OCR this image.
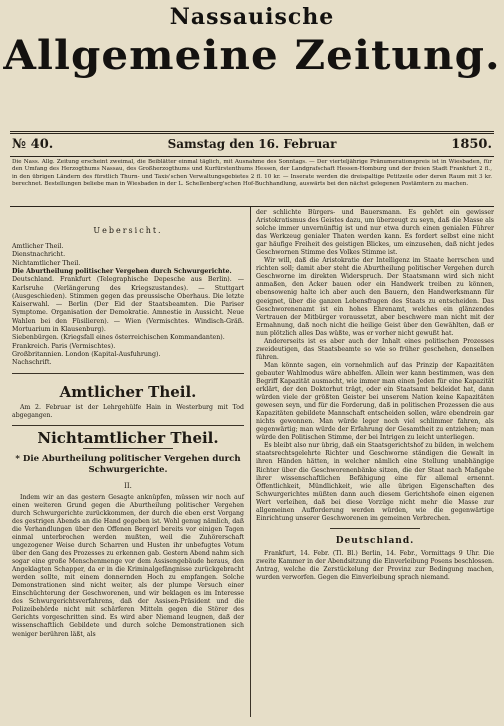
Nassauische
Allgemeine Zeitung.
Samstag den 16. Februar
№ 40.	1850.
Die Nass. Allg. Zeitung erscheint zweimal, die Beiblätter einmal täglich, mit Ausnahme des Sonntags. — Der vierteljährige Pränumerationspreis ist in Wiesbaden, für den Umfang des Herzogthums Nassau, des Großherzogthums und Kurfürstenthums Hessen, der Landgrafschaft Hessen-Homburg und der freien Stadt Frankfurt 2 fl., in den übrigen Ländern des fürstlich Thurn- und Taxis'schen Verwaltungsgebietes 2 fl. 10 kr. — Inserate werden die dreispaltige Petitzeile oder deren Raum mit 3 kr. berechnet. Bestellungen beliebe man in Wiesbaden in der L. Schellenberg'schen Hof-Buchhandlung, auswärts bei den nächst gelegenen Postämtern zu machen.
Uebersicht.

Amtlicher Theil.

Dienstnachricht.

Nichtamtlicher Theil.

Die Aburtheilung politischer Vergehen durch Schwurgerichte.

Deutschland. Frankfurt (Telegraphische Depesche aus Berlin). — Karlsruhe (Verlängerung des Kriegszustandes). — Stuttgart (Ausgeschieden). Stimmen gegen das preussische Oberhaus. Die letzte Kaiserwahl. — Berlin (Der Eid der Staatsbeamten. Die Pariser Symptome. Organisation der Demokratie. Amnestie in Aussicht. Neue Wahlen bei den Füsilieren). — Wien (Vermischtes. Windisch-Gräß. Mortuarium in Klausenburg).

Siebenbürgen. (Kriegsfall eines österreichischen Kommandanten).

Frankreich. Paris (Vermischtes).

Großbritannien. London (Kapital-Ausfuhrung).

Nachschrift.

Amtlicher Theil.

Am 2. Februar ist der Lehrgehülfe Hain in Westerburg mit Tod abgegangen.

Nichtamtlicher Theil.
* Die Aburtheilung politischer Vergehen durch Schwurgerichte.
II.

Indem wir an das gestern Gesagte anknüpfen, müssen wir noch auf einen weiteren Grund gegen die Aburtheilung politischer Vergehen durch Schwurgerichte zurückkommen, der durch die eben erst Vorgang des gestrigen Abends an die Hand gegeben ist. Wohl genug nämlich, daß die Verhandlungen über den Offenen Bergerl bereits vor einigen Tagen einmal unterbrochen werden mußten, weil die Zuhörerschaft ungezogener Weise durch Scharren und Husten ihr unbefugtes Votum über den Gang des Prozesses zu erkennen gab. Gestern Abend nahm sich sogar eine große Menschenmenge vor dem Assisengebäude heraus, den Angeklagten Schapper, da er in die Kriminalgefängnisse zurückgebracht werden sollte, mit einem donnernden Hoch zu empfangen. Solche Demonstrationen sind nicht weiter, als der plumpe Versuch einer Einschüchterung der Geschworenen, und wir beklagen es im Interesse des Schwurgerichtsverfahrens, daß der Assisen-Präsident und die Polizeibehörde nicht mit schärferen Mitteln gegen die Störer des Gerichts vorgeschritten sind. Es wird aber Niemand leugnen, daß der wissenschaftlich Gebildete und durch solche Demonstrationen sich weniger berühren läßt, als

der schlichte Bürgers- und Bauersmann. Es gehört ein gewisser Aristokratismus des Geistes dazu, um überzeugt zu seyn, daß die Masse als solche immer unvernünftig ist und nur etwa durch einen genialen Führer das Werkzeug genialer Thaten werden kann. Es fordert selbst eine nicht gar häufige Freiheit des geistigen Blickes, um einzusehen, daß nicht jedes Geschwornen Stimme des Volkes Stimme ist.

Wir will, daß die Aristokratie der Intelligenz im Staate herrschen und richten soll; damit aber steht die Aburtheilung politischer Vergehen durch Geschworne im direkten Widerspruch. Der Staatsmann wird sich nicht anmaßen, den Acker bauen oder ein Handwerk treiben zu können, ebensowenig halte ich aber auch den Bauern, den Handwerksmann für geeignet, über die ganzen Lebensfragen des Staats zu entscheiden. Das Geschworenenamt ist ein hohes Ehrenamt, welches ein glänzendes Vertrauen der Mitbürger voraussetzt, aber beschwere man nicht mit der Ermahnung, daß noch nicht die heilige Geist über den Gewählten, daß er nun plötzlich alles Das wüßte, was er vorher nicht gewußt hat.

Andererseits ist es aber auch der Inhalt eines politischen Prozesses zweideutigen, das Staatsbeamte so wie so früher geschehen, denselben führen.

Man könnte sagen, ein vornehmlich auf das Prinzip der Kapazitäten gebauter Wahlmodus wäre abhelfen. Allein wer kann bestimmen, was den Begriff Kapazität ausmacht, wie immer man einen Jeden für eine Kapazität erklärt, der den Doktorhut trägt, oder ein Staatsamt bekleidet hat, dann würden viele der größten Geister bei unserem Nation keine Kapazitäten gewesen seyn, und für die Forderung, daß in politischen Prozessen die aus Kapazitäten gebildete Mannschaft entscheiden sollen, wäre ebendrein gar nichts gewonnen. Man würde leger noch viel schlimmer fahren, als gegenwärtig; man würde der Erfahrung der Gesamtheit zu entziehen; man würde den Politischen Stimme, der bei Intrigen zu leicht unterliegen.

Es bleibt also nur übrig, daß ein Staatsgerichtshof zu bilden, in welchem staatsrechtsgelehrte Richter und Geschworne ständigen die Gewalt in ihren Händen hätten, in welcher nämlich eine Stellung unabhängige Richter über die Geschworenenbänke sitzen, die der Staat nach Maßgabe ihrer wissenschaftlichen Befähigung eine für allemal ernennt. Öffentlichkeit, Mündlichkeit, wie alle übrigen Eigenschaften des Schwurgerichtes müßten dann auch diesem Gerichtshofe einen eigenen Wert verleihen, daß bei diese Vorzüge nicht mehr die Masse zur allgemeinen Aufforderung werden würden, wie die gegenwärtige Einrichtung unserer Geschworenen im gemeinen Verbrechen.

Deutschland.

Frankfurt, 14. Febr. (Tl. Bl.) Berlin, 14. Febr., Vormittags 9 Uhr. Die zweite Kammer in der Abendsitzung die Einverleibung Posens beschlossen. Antrag, welche die Zerstückelung der Provinz zur Bedingung machen, wurden verworfen. Gegen die Einverleibung sprach niemand.
